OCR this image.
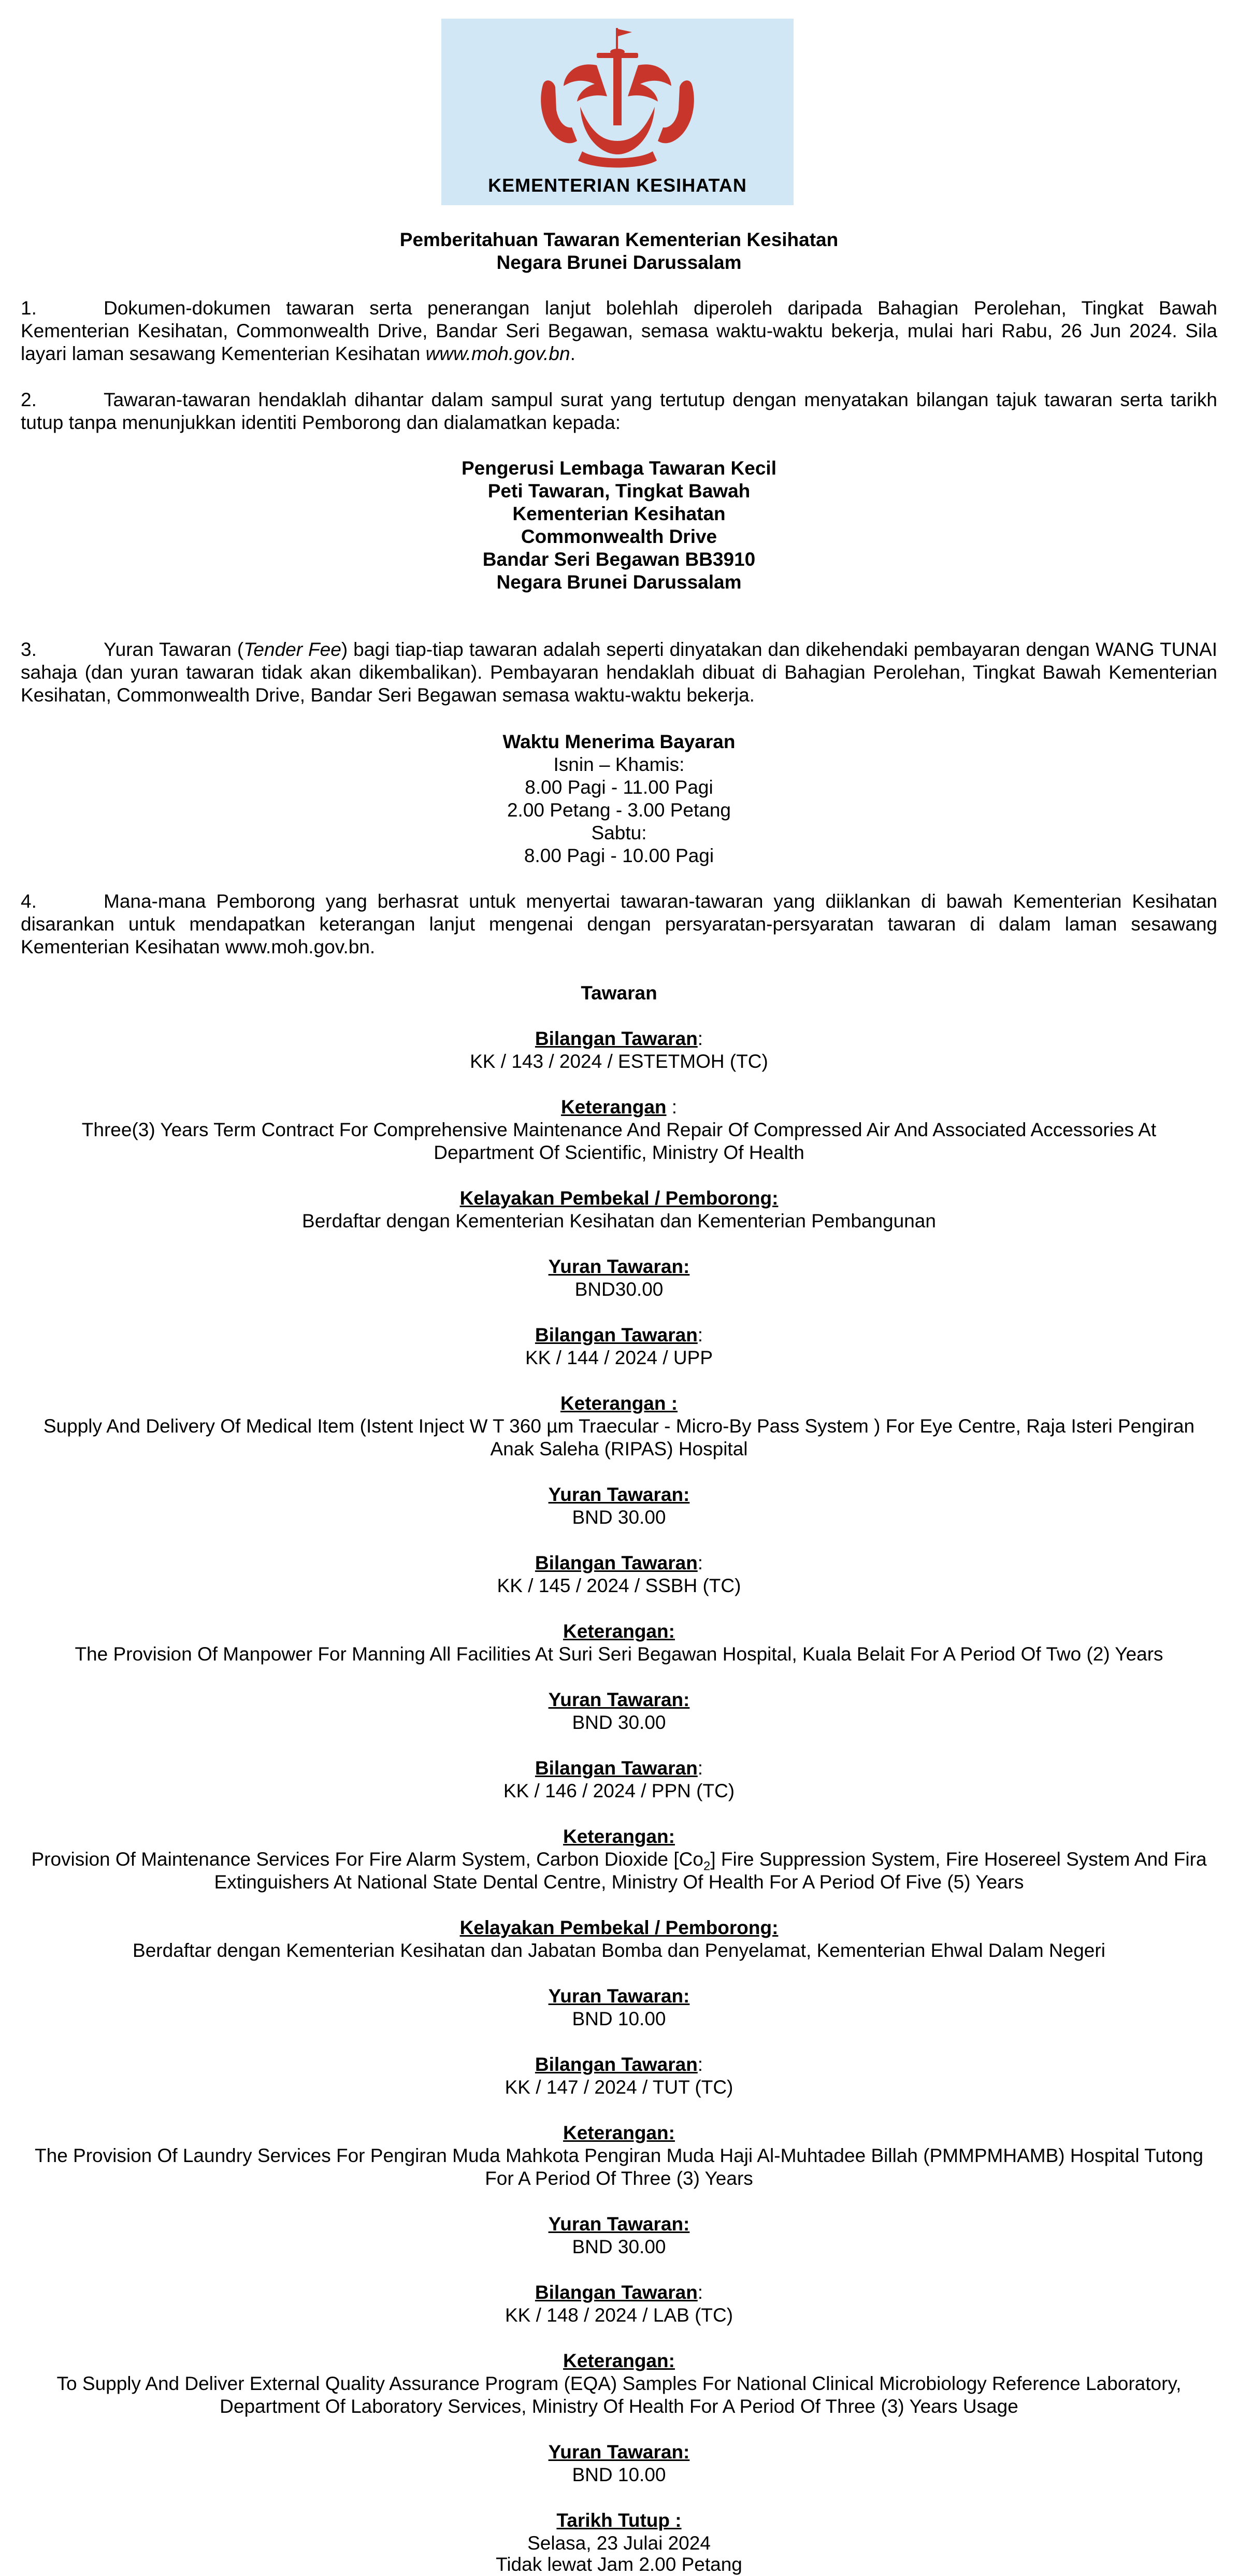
KEMENTERIAN KESIHATAN
Pemberitahuan Tawaran Kementerian Kesihatan
Negara Brunei Darussalam
1.	Dokumen-dokumen tawaran serta penerangan lanjut bolehlah diperoleh daripada Bahagian Perolehan, Tingkat Bawah Kementerian Kesihatan, Commonwealth Drive, Bandar Seri Begawan, semasa waktu-waktu bekerja, mulai hari Rabu, 26 Jun 2024. Sila layari laman sesawang Kementerian Kesihatan www.moh.gov.bn.
2.	Tawaran-tawaran hendaklah dihantar dalam sampul surat yang tertutup dengan menyatakan bilangan tajuk tawaran serta tarikh tutup tanpa menunjukkan identiti Pemborong dan dialamatkan kepada:
Pengerusi Lembaga Tawaran Kecil
Peti Tawaran, Tingkat Bawah
Kementerian Kesihatan
Commonwealth Drive
Bandar Seri Begawan BB3910
Negara Brunei Darussalam
3.	Yuran Tawaran (Tender Fee) bagi tiap-tiap tawaran adalah seperti dinyatakan dan dikehendaki pembayaran dengan WANG TUNAI sahaja (dan yuran tawaran tidak akan dikembalikan). Pembayaran hendaklah dibuat di Bahagian Perolehan, Tingkat Bawah Kementerian Kesihatan, Commonwealth Drive, Bandar Seri Begawan semasa waktu-waktu bekerja.
Waktu Menerima Bayaran
Isnin – Khamis:
8.00 Pagi - 11.00 Pagi
2.00 Petang - 3.00 Petang
Sabtu:
8.00 Pagi - 10.00 Pagi
4.	Mana-mana Pemborong yang berhasrat untuk menyertai tawaran-tawaran yang diiklankan di bawah Kementerian Kesihatan disarankan untuk mendapatkan keterangan lanjut mengenai dengan persyaratan-persyaratan tawaran di dalam laman sesawang Kementerian Kesihatan www.moh.gov.bn.
Tawaran
Bilangan Tawaran:
KK / 143 / 2024 / ESTETMOH (TC)
Keterangan :
Three(3) Years Term Contract For Comprehensive Maintenance And Repair Of Compressed Air And Associated Accessories At Department Of Scientific, Ministry Of Health
Kelayakan Pembekal / Pemborong:
Berdaftar dengan Kementerian Kesihatan dan Kementerian Pembangunan
Yuran Tawaran:
BND30.00
Bilangan Tawaran:
KK / 144 / 2024 / UPP
Keterangan :
Supply And Delivery Of Medical Item (Istent Inject W T 360 µm Traecular - Micro-By Pass System ) For Eye Centre, Raja Isteri Pengiran Anak Saleha (RIPAS) Hospital
Yuran Tawaran:
BND 30.00
Bilangan Tawaran:
KK / 145 / 2024 / SSBH (TC)
Keterangan:
The Provision Of Manpower For Manning All Facilities At Suri Seri Begawan Hospital, Kuala Belait For A Period Of Two (2) Years
Yuran Tawaran:
BND 30.00
Bilangan Tawaran:
KK / 146 / 2024 / PPN (TC)
Keterangan:
Provision Of Maintenance Services For Fire Alarm System, Carbon Dioxide $[Co_2]$ Fire Suppression System, Fire Hosereel System And Fira Extinguishers At National State Dental Centre, Ministry Of Health For A Period Of Five (5) Years
Kelayakan Pembekal / Pemborong:
Berdaftar dengan Kementerian Kesihatan dan Jabatan Bomba dan Penyelamat, Kementerian Ehwal Dalam Negeri
Yuran Tawaran:
BND 10.00
Bilangan Tawaran:
KK / 147 / 2024 / TUT (TC)
Keterangan:
The Provision Of Laundry Services For Pengiran Muda Mahkota Pengiran Muda Haji Al-Muhtadee Billah (PMMPMHAMB) Hospital Tutong For A Period Of Three (3) Years
Yuran Tawaran:
BND 30.00
Bilangan Tawaran:
KK / 148 / 2024 / LAB (TC)
Keterangan:
To Supply And Deliver External Quality Assurance Program (EQA) Samples For National Clinical Microbiology Reference Laboratory, Department Of Laboratory Services, Ministry Of Health For A Period Of Three (3) Years Usage
Yuran Tawaran:
BND 10.00
Tarikh Tutup :
Selasa, 23 Julai 2024
Tidak lewat Jam 2.00 Petang
